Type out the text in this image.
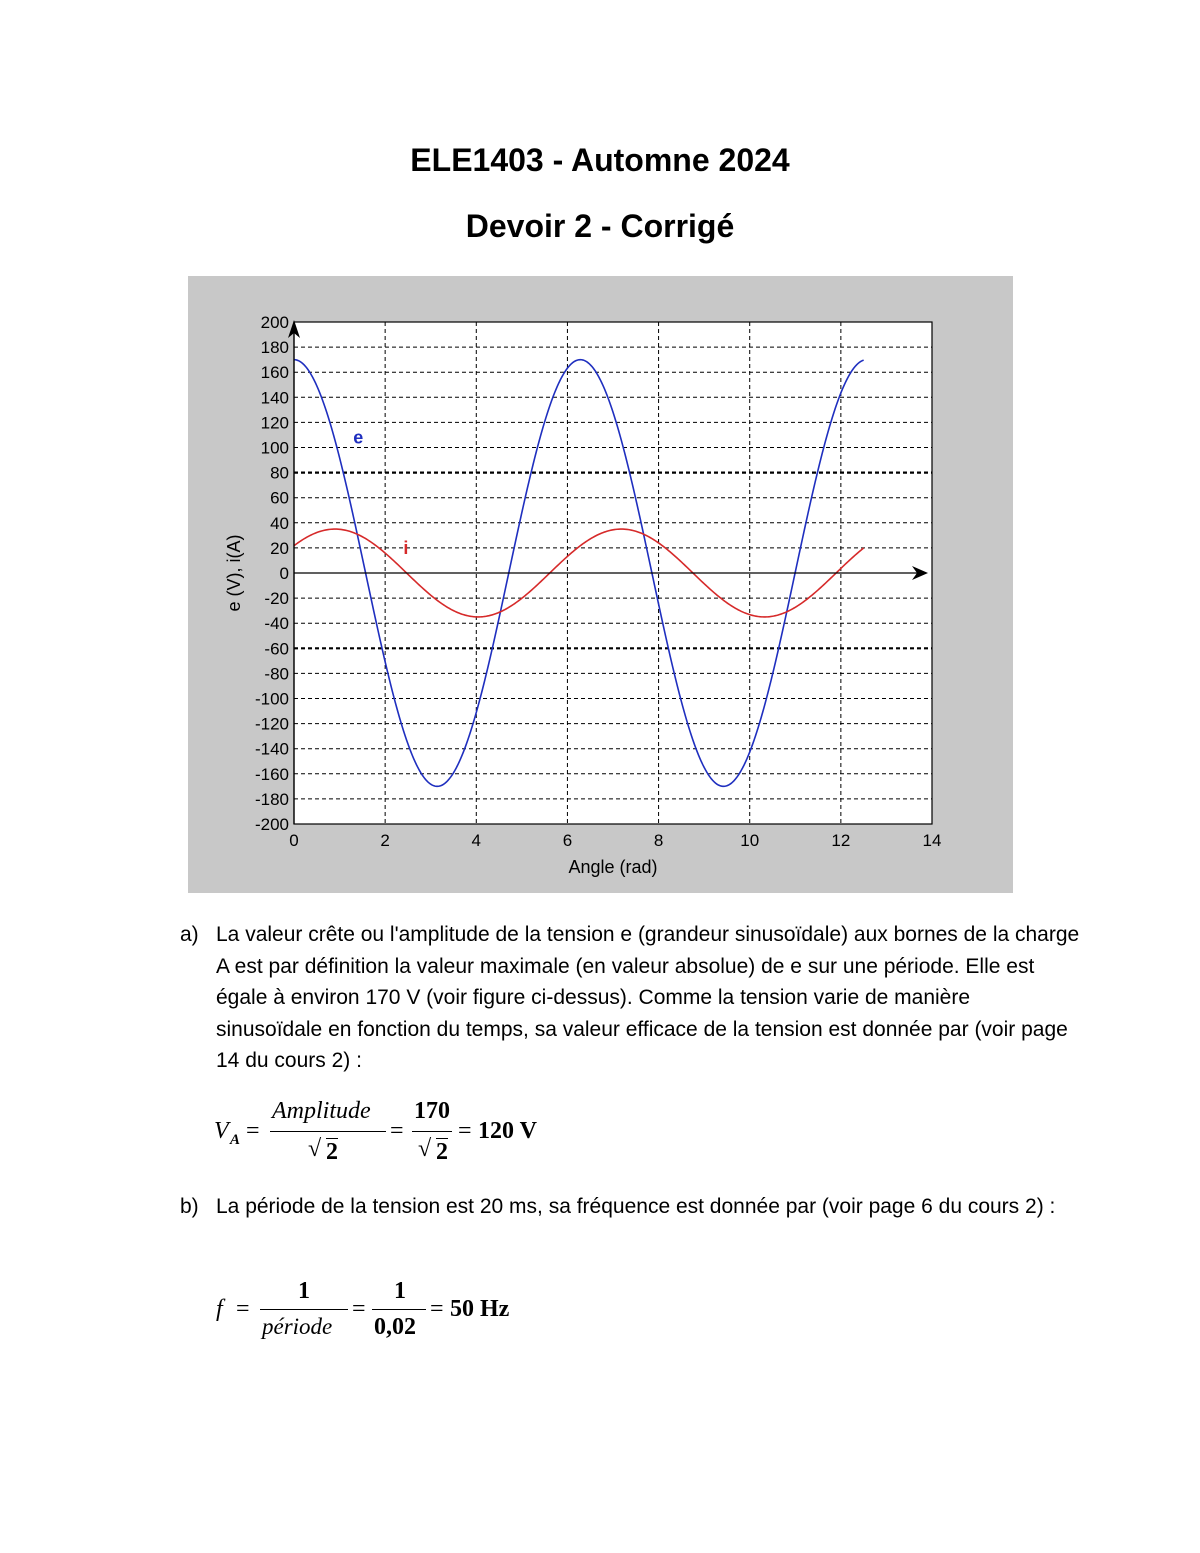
ELE1403 - Automne 2024
Devoir 2 - Corrigé
0	2	4	6	8	10	12	14
200
180
160
140
120
100
80
60
40
20
0
-20
-40
-60
-80
-100
-120
-140
-160
-180
-200
Angle (rad)
e (V), i(A)
e
i
a) La valeur crête ou l'amplitude de la tension e (grandeur sinusoïdale) aux bornes de la charge A est par définition la valeur maximale (en valeur absolue) de e sur une période. Elle est égale à environ 170 V (voir figure ci-dessus). Comme la tension varie de manière sinusoïdale en fonction du temps, sa valeur efficace de la tension est donnée par (voir page 14 du cours 2) :
V A =
Amplitude
√ 2
=
170
√ 2
= 120 V
b) La période de la tension est 20 ms, sa fréquence est donnée par (voir page 6 du cours 2) :
f =
1
période
=
1
0,02
= 50 Hz
